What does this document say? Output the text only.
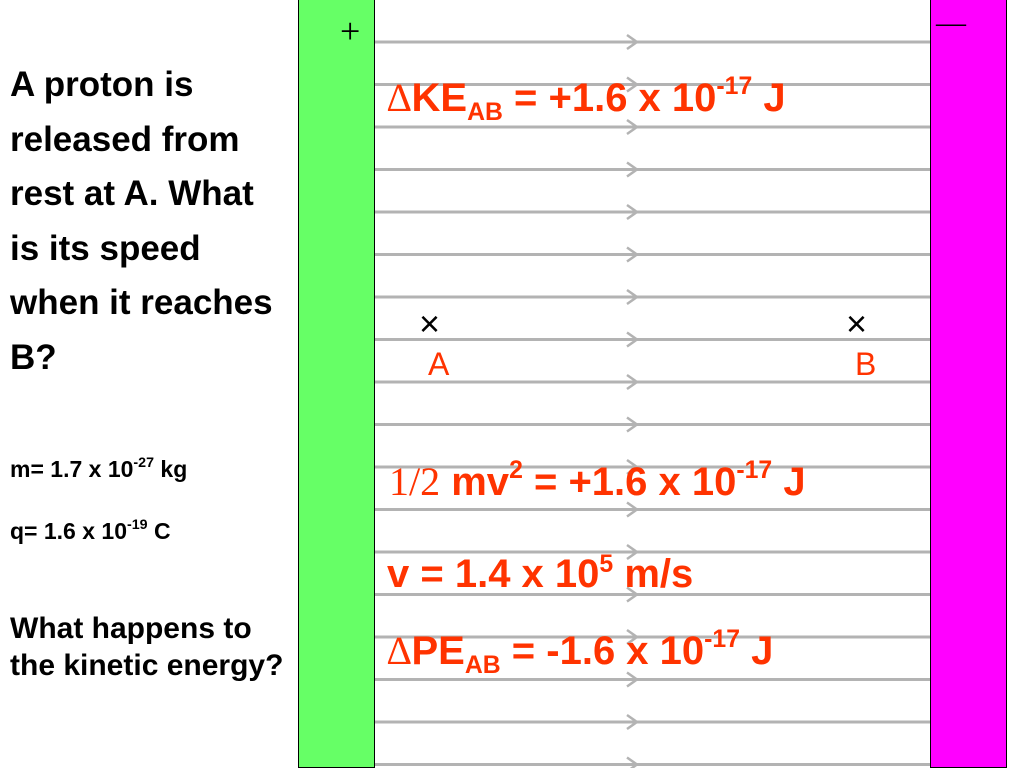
+	—
A proton is released from rest at A. What is its speed when it reaches B?
m= 1.7 x $10^{-27}$ kg
q= 1.6 x $10^{-19}$ C
What happens to the kinetic energy?
×	×
A	B
$\Delta KE_{AB} = +1.6$ x $10^{-17}$ J
1/2 $mv^2 = +1.6$ x $10^{-17}$ J
v = 1.4 x $10^5$ m/s
$\Delta PE_{AB} = -1.6$ x $10^{-17}$ J
